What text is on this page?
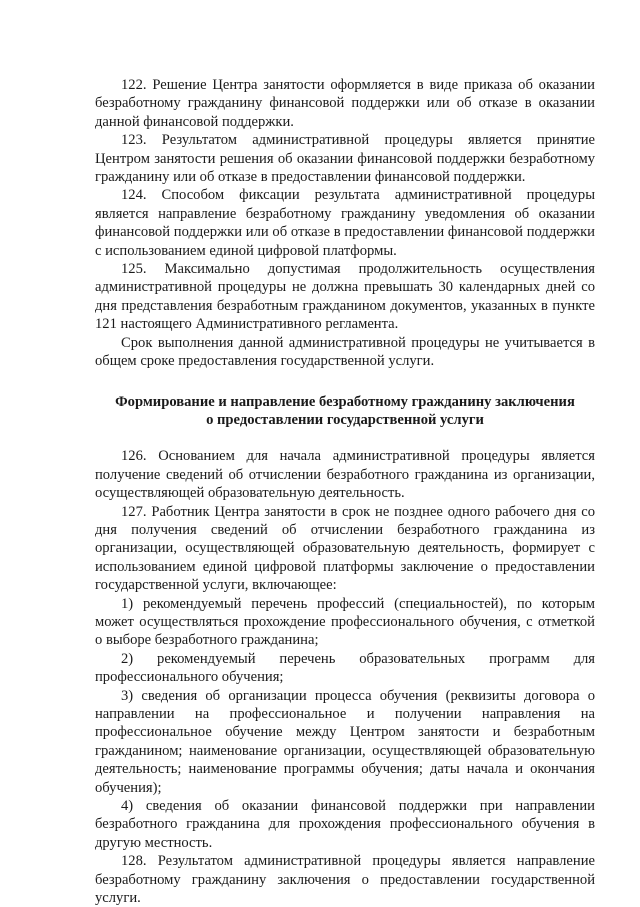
122. Решение Центра занятости оформляется в виде приказа об оказании безработному гражданину финансовой поддержки или об отказе в оказании данной финансовой поддержки.

123. Результатом административной процедуры является принятие Центром занятости решения об оказании финансовой поддержки безработному гражданину или об отказе в предоставлении финансовой поддержки.

124. Способом фиксации результата административной процедуры является направление безработному гражданину уведомления об оказании финансовой поддержки или об отказе в предоставлении финансовой поддержки с использованием единой цифровой платформы.

125. Максимально допустимая продолжительность осуществления административной процедуры не должна превышать 30 календарных дней со дня представления безработным гражданином документов, указанных в пункте 121 настоящего Административного регламента.

Срок выполнения данной административной процедуры не учитывается в общем сроке предоставления государственной услуги.

Формирование и направление безработному гражданину заключения
о предоставлении государственной услуги

126. Основанием для начала административной процедуры является получение сведений об отчислении безработного гражданина из организации, осуществляющей образовательную деятельность.

127. Работник Центра занятости в срок не позднее одного рабочего дня со дня получения сведений об отчислении безработного гражданина из организации, осуществляющей образовательную деятельность, формирует с использованием единой цифровой платформы заключение о предоставлении государственной услуги, включающее:

1) рекомендуемый перечень профессий (специальностей), по которым может осуществляться прохождение профессионального обучения, с отметкой о выборе безработного гражданина;

2) рекомендуемый перечень образовательных программ для профессионального обучения;

3) сведения об организации процесса обучения (реквизиты договора о направлении на профессиональное и получении направления на профессиональное обучение между Центром занятости и безработным гражданином; наименование организации, осуществляющей образовательную деятельность; наименование программы обучения; даты начала и окончания обучения);

4) сведения об оказании финансовой поддержки при направлении безработного гражданина для прохождения профессионального обучения в другую местность.

128. Результатом административной процедуры является направление безработному гражданину заключения о предоставлении государственной услуги.
